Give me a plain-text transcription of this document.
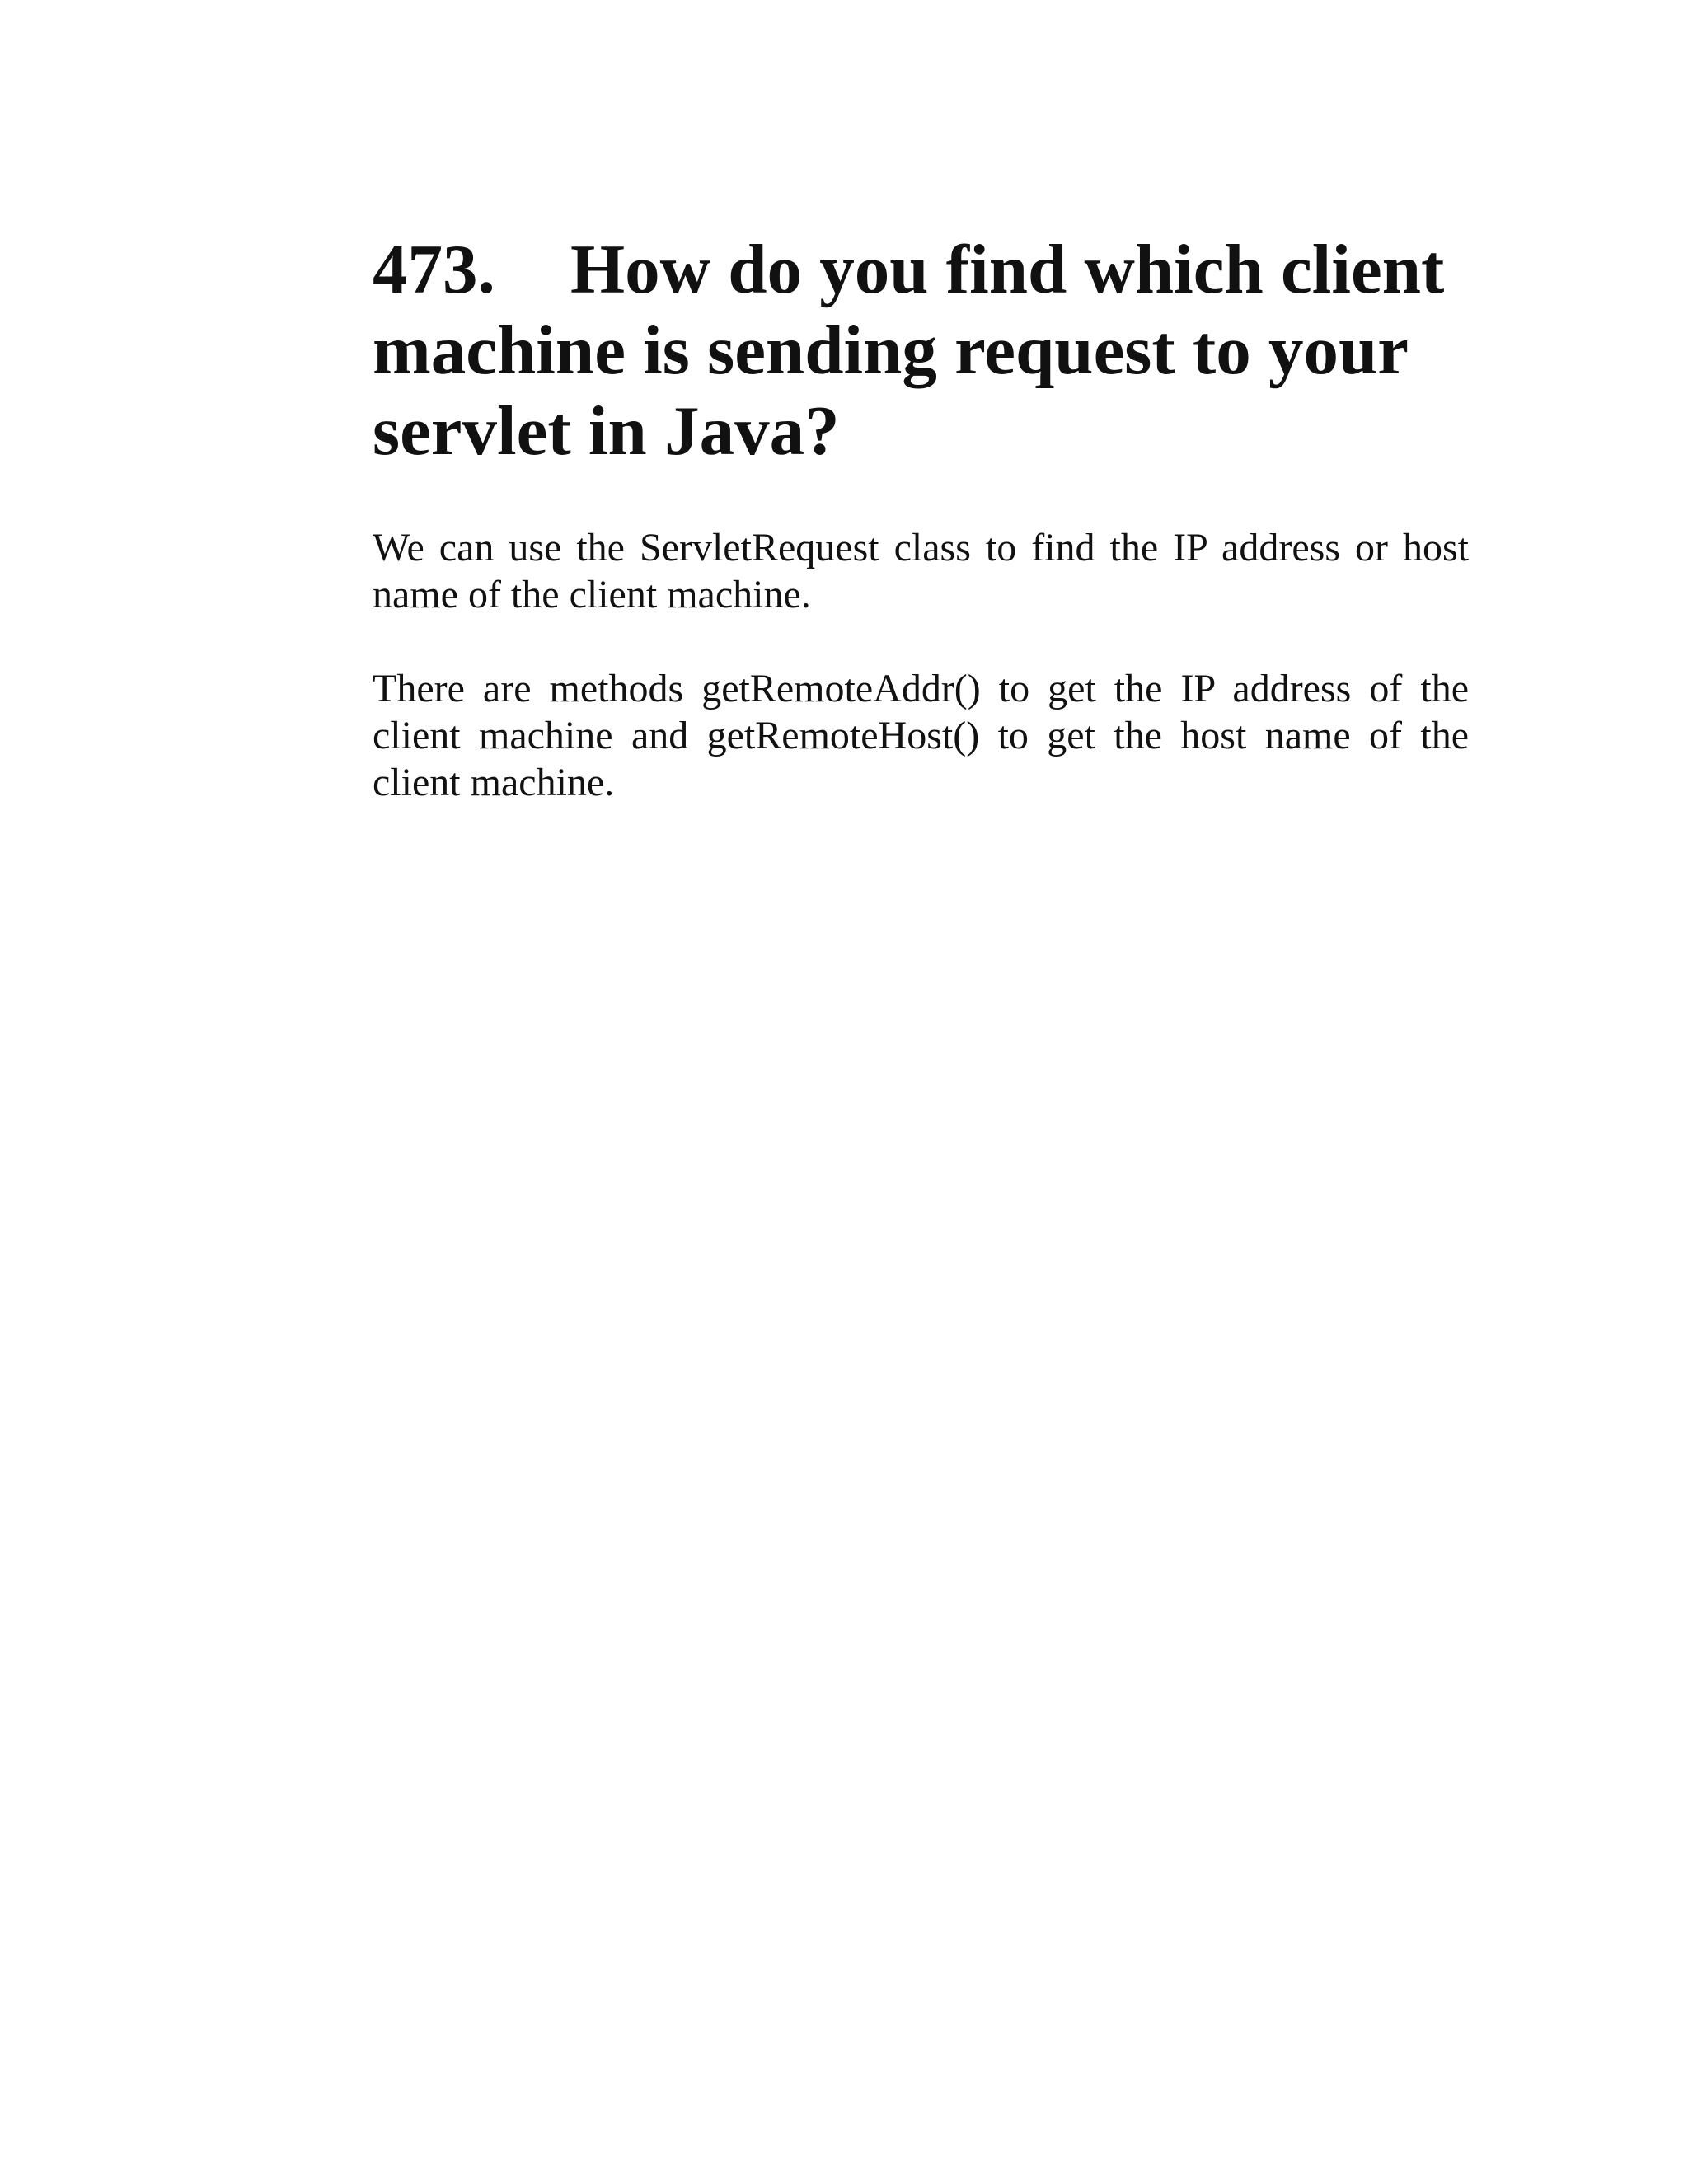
473. How do you find which client machine is sending request to your servlet in Java?

We can use the ServletRequest class to find the IP address or host name of the client machine.

There are methods getRemoteAddr() to get the IP address of the client machine and getRemoteHost() to get the host name of the client machine.
